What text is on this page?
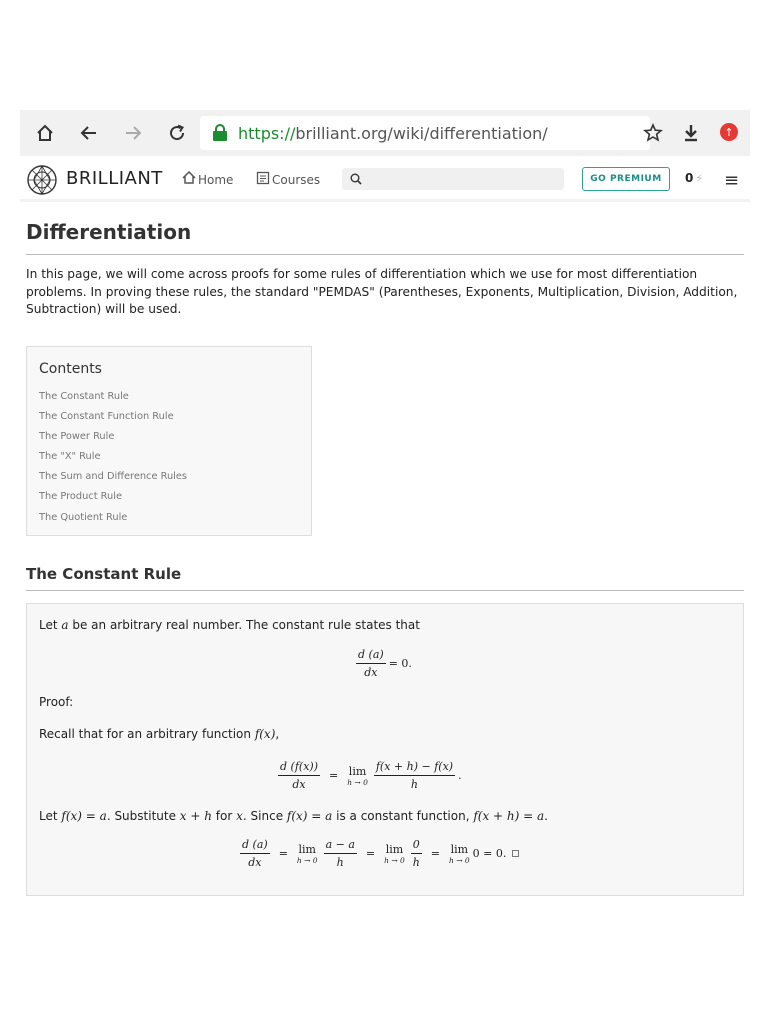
https://brilliant.org/wiki/differentiation/	↑
BRILLIANT	Home	Courses	GO PREMIUM	0 ⚡︎ ≡
Differentiation

In this page, we will come across proofs for some rules of differentiation which we use for most differentiation problems. In proving these rules, the standard "PEMDAS" (Parentheses, Exponents, Multiplication, Division, Addition, Subtraction) will be used.

Contents
The Constant Rule
The Constant Function Rule
The Power Rule
The "X" Rule
The Sum and Difference Rules
The Product Rule
The Quotient Rule
The Constant Rule
Let a be an arbitrary real number. The constant rule states that
$\frac{d (a)}{dx} = 0$.
Proof:
Recall that for an arbitrary function f(x),
$\frac{d (f(x))}{dx} = \lim$
$h \to 0 \frac{f(x + h) - f(x)}{h}$ .
Let f(x) = a. Substitute x + h for x. Since f(x) = a is a constant function, f(x + h) = a.
$\frac{d (a)}{dx} = \lim$
$h \to 0 \frac{a - a}{h} = \lim$
$h \to 0 \frac{0}{h} = \lim$
h → 0 0 = 0.
